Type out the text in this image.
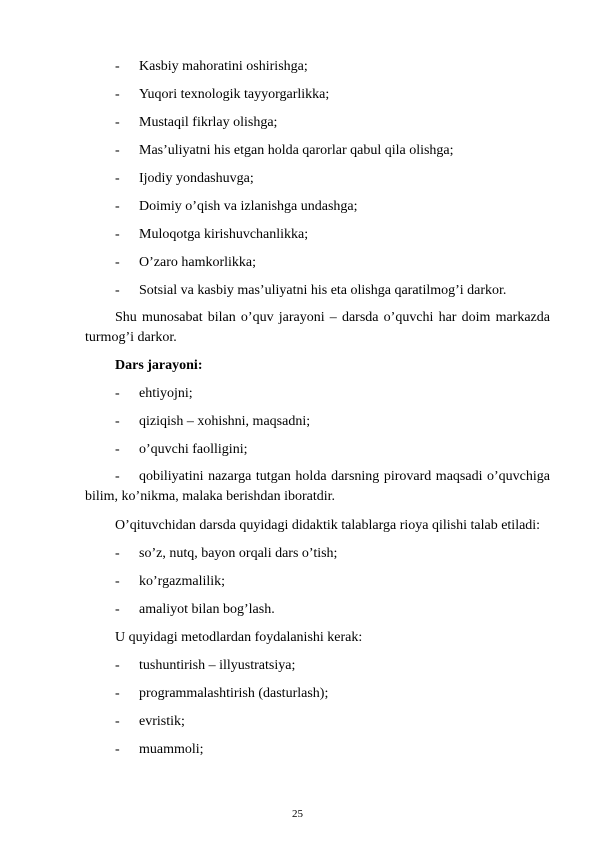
- Kasbiy mahoratini oshirishga;
- Yuqori texnologik tayyorgarlikka;
- Mustaqil fikrlay olishga;
- Mas’uliyatni his etgan holda qarorlar qabul qila olishga;
- Ijodiy yondashuvga;
- Doimiy o’qish va izlanishga undashga;
- Muloqotga kirishuvchanlikka;
- O’zaro hamkorlikka;
- Sotsial va kasbiy mas’uliyatni his eta olishga qaratilmog’i darkor.

Shu munosabat bilan o’quv jarayoni – darsda o’quvchi har doim markazda turmog’i darkor.

Dars jarayoni:
- ehtiyojni;
- qiziqish – xohishni, maqsadni;
- o’quvchi faolligini;
- qobiliyatini nazarga tutgan holda darsning pirovard maqsadi o’quvchiga bilim, ko’nikma, malaka berishdan iboratdir.
O’qituvchidan darsda quyidagi didaktik talablarga rioya qilishi talab etiladi:
- so’z, nutq, bayon orqali dars o’tish;
- ko’rgazmalilik;
- amaliyot bilan bog’lash.
U quyidagi metodlardan foydalanishi kerak:
- tushuntirish – illyustratsiya;
- programmalashtirish (dasturlash);
- evristik;
- muammoli;
25
